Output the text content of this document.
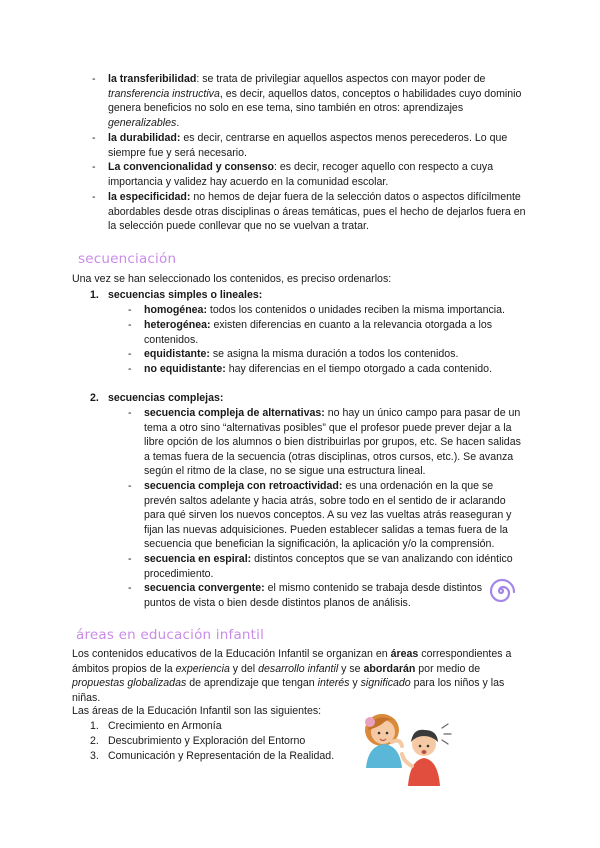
- la transferibilidad: se trata de privilegiar aquellos aspectos con mayor poder de transferencia instructiva, es decir, aquellos datos, conceptos o habilidades cuyo dominio genera beneficios no solo en ese tema, sino también en otros: aprendizajes generalizables.
- la durabilidad: es decir, centrarse en aquellos aspectos menos perecederos. Lo que siempre fue y será necesario.
- La convencionalidad y consenso: es decir, recoger aquello con respecto a cuya importancia y validez hay acuerdo en la comunidad escolar.
- la especificidad: no hemos de dejar fuera de la selección datos o aspectos difícilmente abordables desde otras disciplinas o áreas temáticas, pues el hecho de dejarlos fuera en la selección puede conllevar que no se vuelvan a tratar.
secuenciación
Una vez se han seleccionado los contenidos, es preciso ordenarlos:
1. secuencias simples o lineales:
- homogénea: todos los contenidos o unidades reciben la misma importancia.
- heterogénea: existen diferencias en cuanto a la relevancia otorgada a los contenidos.
- equidistante: se asigna la misma duración a todos los contenidos.
- no equidistante: hay diferencias en el tiempo otorgado a cada contenido.
2. secuencias complejas:
- secuencia compleja de alternativas: no hay un único campo para pasar de un tema a otro sino “alternativas posibles” que el profesor puede prever dejar a la libre opción de los alumnos o bien distribuirlas por grupos, etc. Se hacen salidas a temas fuera de la secuencia (otras disciplinas, otros cursos, etc.). Se avanza según el ritmo de la clase, no se sigue una estructura lineal.
- secuencia compleja con retroactividad: es una ordenación en la que se prevén saltos adelante y hacia atrás, sobre todo en el sentido de ir aclarando para qué sirven los nuevos conceptos. A su vez las vueltas atrás reaseguran y fijan las nuevas adquisiciones. Pueden establecer salidas a temas fuera de la secuencia que benefician la significación, la aplicación y/o la comprensión.
- secuencia en espiral: distintos conceptos que se van analizando con idéntico procedimiento.
- secuencia convergente: el mismo contenido se trabaja desde distintos puntos de vista o bien desde distintos planos de análisis.
áreas en educación infantil
Los contenidos educativos de la Educación Infantil se organizan en áreas correspondientes a ámbitos propios de la experiencia y del desarrollo infantil y se abordarán por medio de propuestas globalizadas de aprendizaje que tengan interés y significado para los niños y las niñas.
Las áreas de la Educación Infantil son las siguientes:
1. Crecimiento en Armonía
2. Descubrimiento y Exploración del Entorno
3. Comunicación y Representación de la Realidad.
